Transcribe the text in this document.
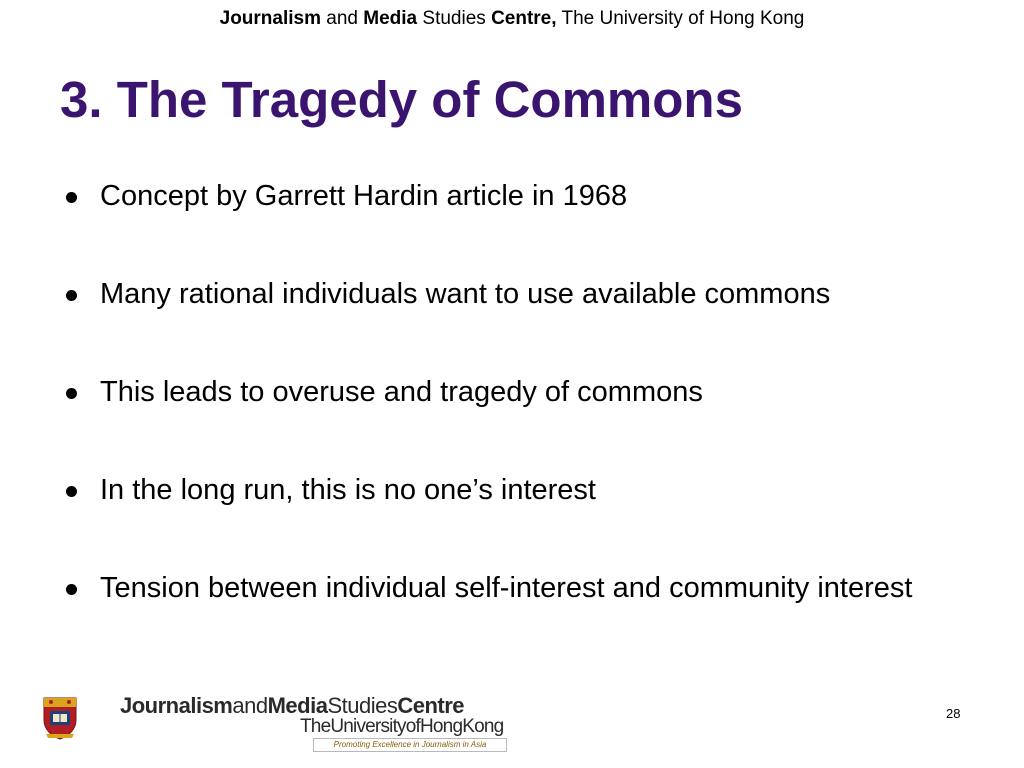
Journalism and Media Studies Centre, The University of Hong Kong
3. The Tragedy of Commons
Concept by Garrett Hardin article in 1968
Many rational individuals want to use available commons
This leads to overuse and tragedy of commons
In the long run, this is no one’s interest
Tension between individual self-interest and community interest
JournalismandMediaStudiesCentre
TheUniversityofHongKong
Promoting Excellence in Journalism in Asia
28
